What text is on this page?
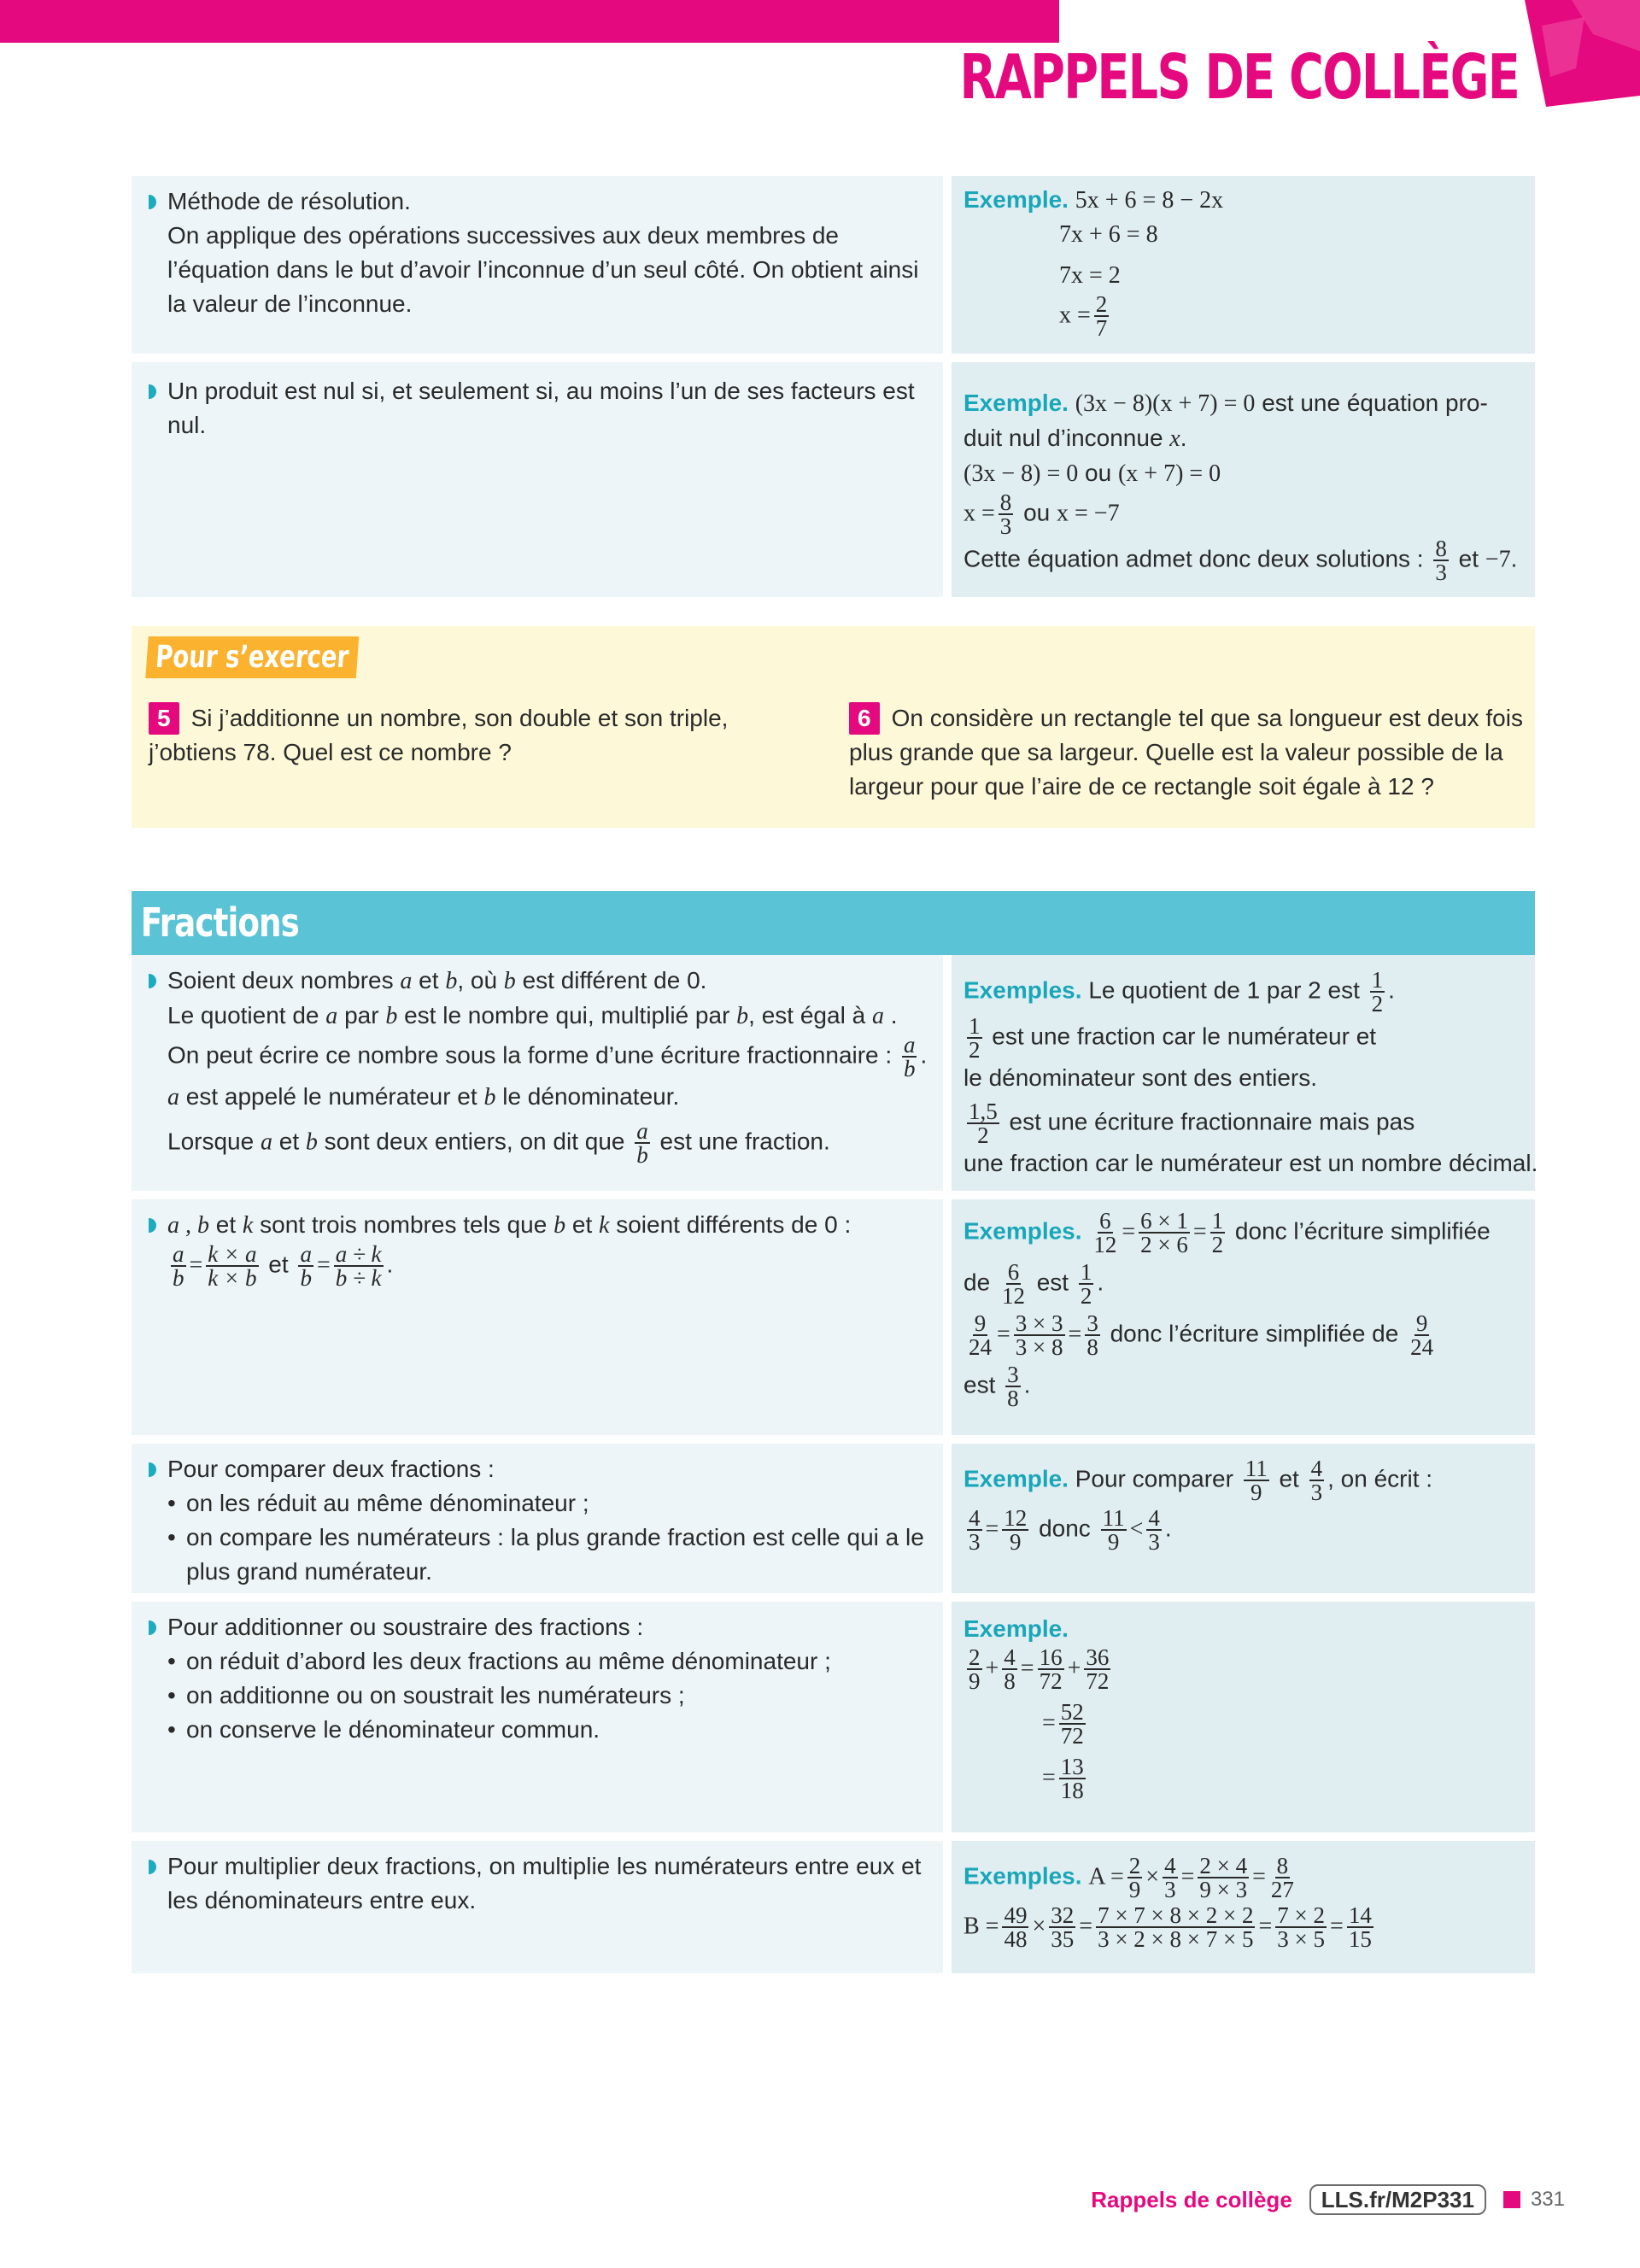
RAPPELS DE COLLÈGE
Méthode de résolution.
On applique des opérations successives aux deux membres de l’équation dans le but d’avoir l’inconnue d’un seul côté. On obtient ainsi la valeur de l’inconnue.
Exemple. 5x + 6 = 8 − 2x
7x + 6 = 8
7x = 2
$x = \frac{2}{7}$
Un produit est nul si, et seulement si, au moins l’un de ses facteurs est nul.
Exemple. (3x − 8)(x + 7) = 0 est une équation pro-
duit nul d’inconnue x.
(3x − 8) = 0 ou (x + 7) = 0
$x = \frac{8}{3}$ ou x = −7
Cette équation admet donc deux solutions : $\frac{8}{3}$ et −7.
Pour s’exercer
5 Si j’additionne un nombre, son double et son triple, j’obtiens 78. Quel est ce nombre ?
6 On considère un rectangle tel que sa longueur est deux fois plus grande que sa largeur. Quelle est la valeur possible de la largeur pour que l’aire de ce rectangle soit égale à 12 ?
Fractions
Soient deux nombres a et b, où b est différent de 0.
Le quotient de a par b est le nombre qui, multiplié par b, est égal à a .
On peut écrire ce nombre sous la forme d’une écriture fractionnaire : $\frac{a}{b}$ .
a est appelé le numérateur et b le dénominateur.
Lorsque a et b sont deux entiers, on dit que $\frac{a}{b}$ est une fraction.
Exemples. Le quotient de 1 par 2 est $\frac{1}{2}$ .
$\frac{1}{2}$ est une fraction car le numérateur et
le dénominateur sont des entiers.
$\frac{1,5}{2}$ est une écriture fractionnaire mais pas
une fraction car le numérateur est un nombre décimal.
a , b et k sont trois nombres tels que b et k soient différents de 0 :
$\frac{a}{b} = \frac{k \times a}{k \times b}$ et $\frac{a}{b} = \frac{a \div k}{b \div k}$ .
Exemples. $\frac{6}{12} = \frac{6 \times 1}{2 \times 6} = \frac{1}{2}$ donc l’écriture simplifiée
de $\frac{6}{12}$ est $\frac{1}{2}$ .
$\frac{9}{24} = \frac{3 \times 3}{3 \times 8} = \frac{3}{8}$ donc l’écriture simplifiée de $\frac{9}{24}$
est $\frac{3}{8}$ .
Pour comparer deux fractions :
• on les réduit au même dénominateur ;
• on compare les numérateurs : la plus grande fraction est celle qui a le plus grand numérateur.
Exemple. Pour comparer $\frac{11}{9}$ et $\frac{4}{3}$ , on écrit :
$\frac{4}{3} = \frac{12}{9}$ donc $\frac{11}{9} < \frac{4}{3}$ .
Pour additionner ou soustraire des fractions :
• on réduit d’abord les deux fractions au même dénominateur ;
• on additionne ou on soustrait les numérateurs ;
• on conserve le dénominateur commun.
Exemple.
$\frac{2}{9} + \frac{4}{8} = \frac{16}{72} + \frac{36}{72}$
= $\frac{52}{72}$
= $\frac{13}{18}$
Pour multiplier deux fractions, on multiplie les numérateurs entre eux et les dénominateurs entre eux.
Exemples. $A = \frac{2}{9} \times \frac{4}{3} = \frac{2 \times 4}{9 \times 3} = \frac{8}{27}$
$B = \frac{49}{48} \times \frac{32}{35} = \frac{7 \times 7 \times 8 \times 2 \times 2}{3 \times 2 \times 8 \times 7 \times 5} = \frac{7 \times 2}{3 \times 5} = \frac{14}{15}$
Rappels de collège	LLS.fr/M2P331	331
